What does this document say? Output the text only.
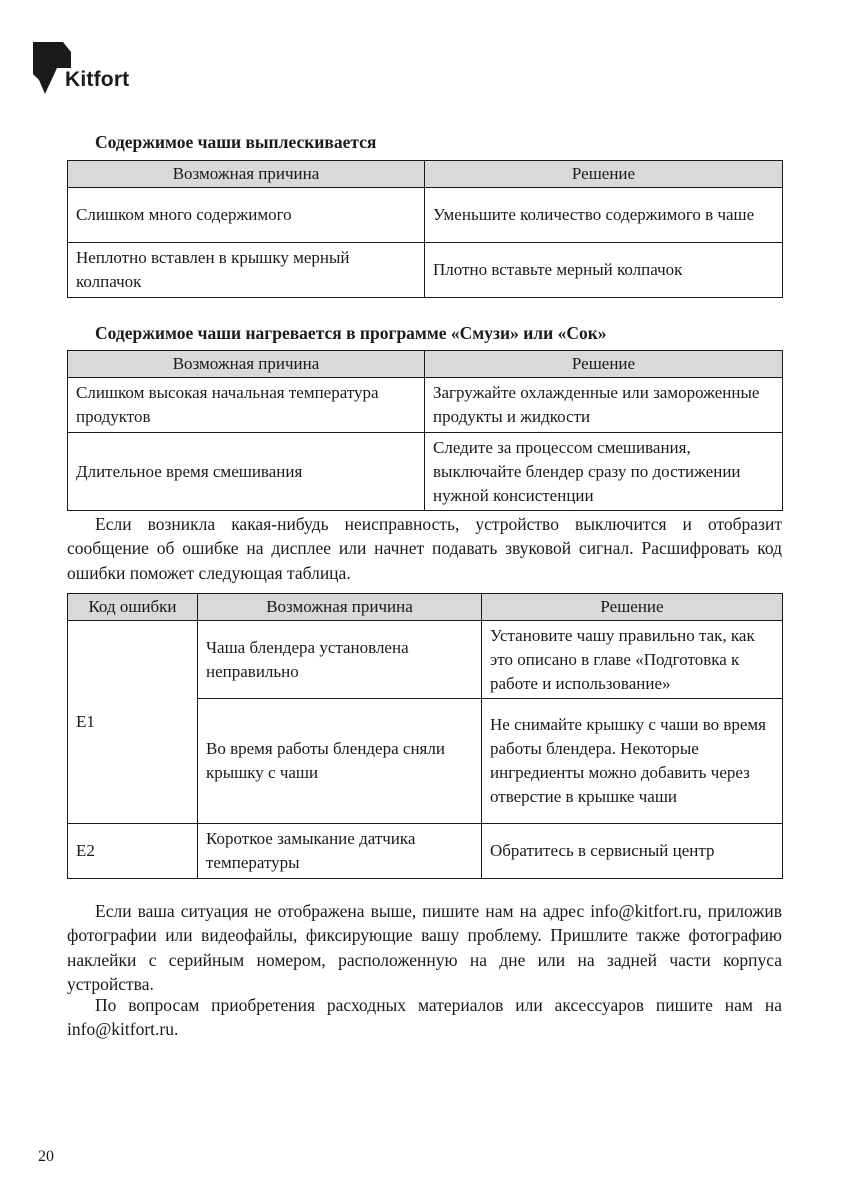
Kitfort
Содержимое чаши выплескивается
Возможная причина	Решение
Слишком много содержимого	Уменьшите количество содержимого в чаше
Неплотно вставлен в крышку мерный колпачок	Плотно вставьте мерный колпачок
Содержимое чаши нагревается в программе «Смузи» или «Сок»
Возможная причина	Решение
Слишком высокая начальная температура продуктов	Загружайте охлажденные или замороженные продукты и жидкости
Длительное время смешивания	Следите за процессом смешивания, выключайте блендер сразу по достижении нужной консистенции

Если возникла какая-нибудь неисправность, устройство выключится и отобразит сообщение об ошибке на дисплее или начнет подавать звуковой сигнал. Расшифровать код ошибки поможет следующая таблица.

Код ошибки	Возможная причина	Решение
E1	Чаша блендера установлена неправильно	Установите чашу правильно так, как это описано в главе «Подготовка к работе и использование»
	Во время работы блендера сняли крышку с чаши	Не снимайте крышку с чаши во время работы блендера. Некоторые ингредиенты можно добавить через отверстие в крышке чаши
E2	Короткое замыкание датчика температуры	Обратитесь в сервисный центр

Если ваша ситуация не отображена выше, пишите нам на адрес info@kitfort.ru, приложив фотографии или видеофайлы, фиксирующие вашу проблему. Пришлите также фотографию наклейки с серийным номером, расположенную на дне или на задней части корпуса устройства.

По вопросам приобретения расходных материалов или аксессуаров пишите нам на info@kitfort.ru.

20
